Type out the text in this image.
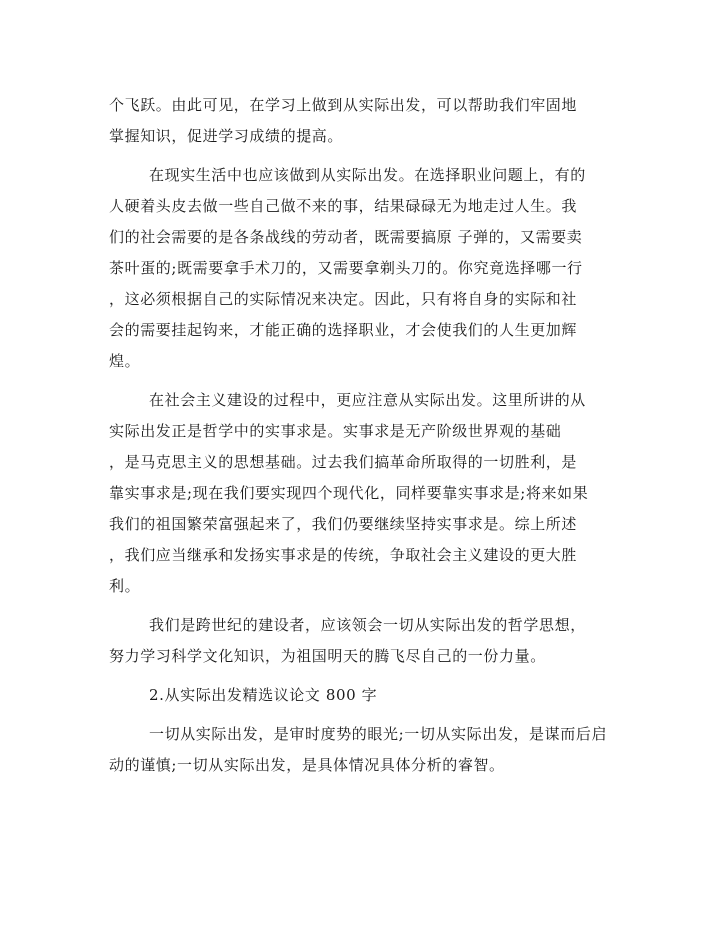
个飞跃。由此可见，在学习上做到从实际出发，可以帮助我们牢固地
掌握知识，促进学习成绩的提高。
在现实生活中也应该做到从实际出发。在选择职业问题上，有的
人硬着头皮去做一些自己做不来的事，结果碌碌无为地走过人生。我
们的社会需要的是各条战线的劳动者，既需要搞原 子弹的，又需要卖
茶叶蛋的;既需要拿手术刀的，又需要拿剃头刀的。你究竟选择哪一行
，这必须根据自己的实际情况来决定。因此，只有将自身的实际和社
会的需要挂起钩来，才能正确的选择职业，才会使我们的人生更加辉
煌。
在社会主义建设的过程中，更应注意从实际出发。这里所讲的从
实际出发正是哲学中的实事求是。实事求是无产阶级世界观的基础
，是马克思主义的思想基础。过去我们搞革命所取得的一切胜利，是
靠实事求是;现在我们要实现四个现代化，同样要靠实事求是;将来如果
我们的祖国繁荣富强起来了，我们仍要继续坚持实事求是。综上所述
，我们应当继承和发扬实事求是的传统，争取社会主义建设的更大胜
利。
我们是跨世纪的建设者，应该领会一切从实际出发的哲学思想，
努力学习科学文化知识，为祖国明天的腾飞尽自己的一份力量。
2.从实际出发精选议论文 800 字
一切从实际出发，是审时度势的眼光;一切从实际出发，是谋而后启
动的谨慎;一切从实际出发，是具体情况具体分析的睿智。
